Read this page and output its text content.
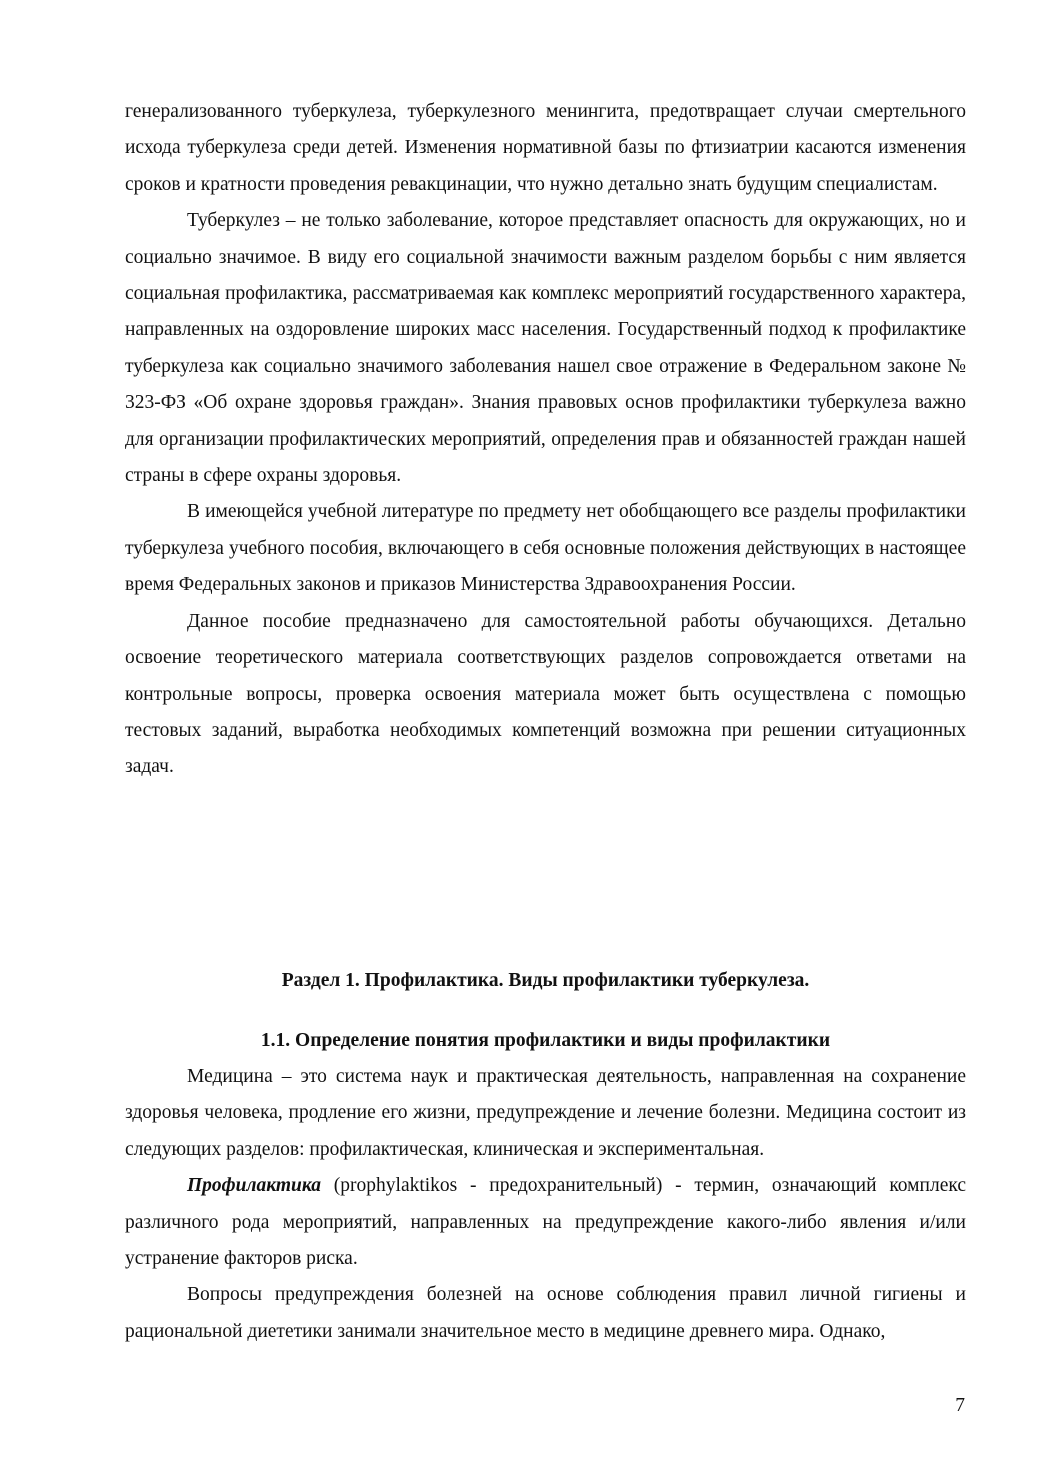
генерализованного туберкулеза, туберкулезного менингита, предотвращает случаи смертельного исхода туберкулеза среди детей. Изменения нормативной базы по фтизиатрии касаются изменения сроков и кратности проведения ревакцинации, что нужно детально знать будущим специалистам.

Туберкулез – не только заболевание, которое представляет опасность для окружающих, но и социально значимое. В виду его социальной значимости важным разделом борьбы с ним является социальная профилактика, рассматриваемая как комплекс мероприятий государственного характера, направленных на оздоровление широких масс населения. Государственный подход к профилактике туберкулеза как социально значимого заболевания нашел свое отражение в Федеральном законе № 323-ФЗ «Об охране здоровья граждан». Знания правовых основ профилактики туберкулеза важно для организации профилактических мероприятий, определения прав и обязанностей граждан нашей страны в сфере охраны здоровья.

В имеющейся учебной литературе по предмету нет обобщающего все разделы профилактики туберкулеза учебного пособия, включающего в себя основные положения действующих в настоящее время Федеральных законов и приказов Министерства Здравоохранения России.

Данное пособие предназначено для самостоятельной работы обучающихся. Детально освоение теоретического материала соответствующих разделов сопровождается ответами на контрольные вопросы, проверка освоения материала может быть осуществлена с помощью тестовых заданий, выработка необходимых компетенций возможна при решении ситуационных задач.

Раздел 1. Профилактика. Виды профилактики туберкулеза.
1.1. Определение понятия профилактики и виды профилактики

Медицина – это система наук и практическая деятельность, направленная на сохранение здоровья человека, продление его жизни, предупреждение и лечение болезни. Медицина состоит из следующих разделов: профилактическая, клиническая и экспериментальная.

Профилактика (prophylaktikos - предохранительный) - термин, означающий комплекс различного рода мероприятий, направленных на предупреждение какого-либо явления и/или устранение факторов риска.

Вопросы предупреждения болезней на основе соблюдения правил личной гигиены и рациональной диететики занимали значительное место в медицине древнего мира. Однако,

7
